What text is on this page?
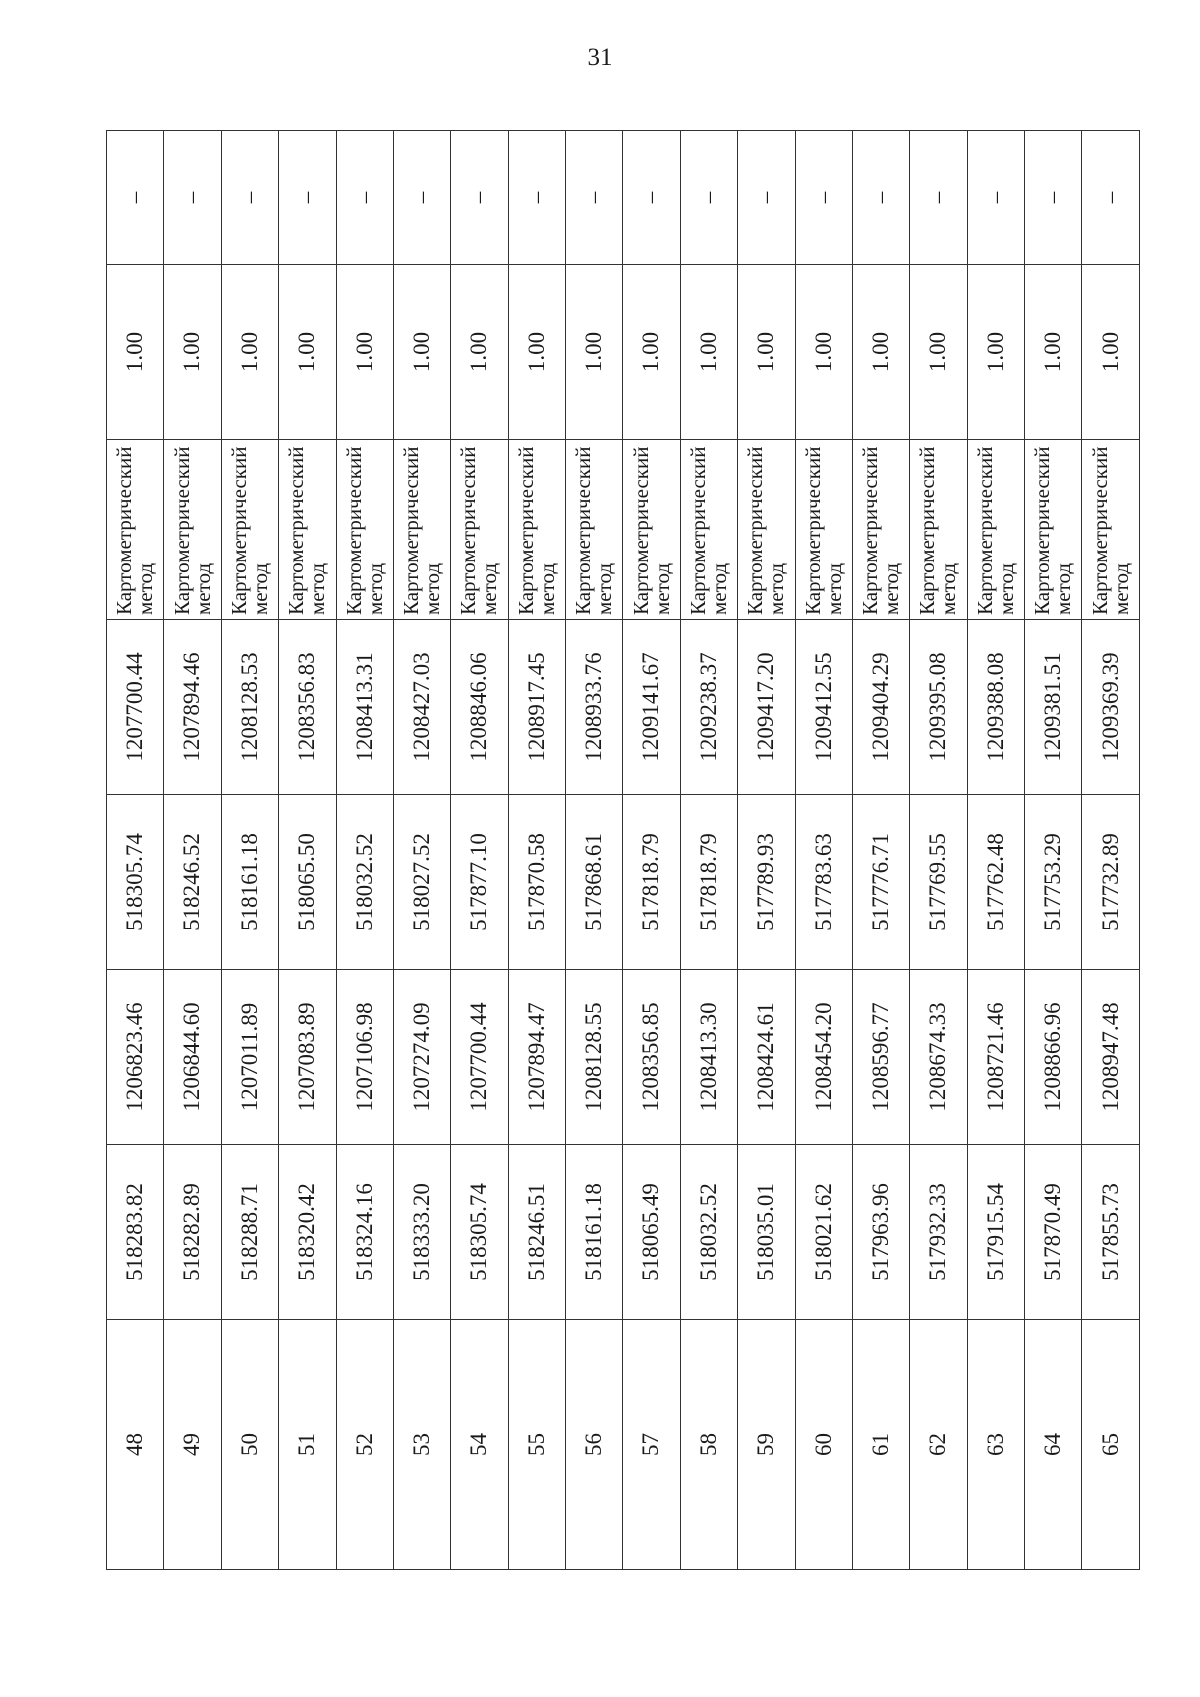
31
48	518283.82	1206823.46	518305.74	1207700.44	Картометрический метод	1.00	–
49	518282.89	1206844.60	518246.52	1207894.46	Картометрический метод	1.00	–
50	518288.71	1207011.89	518161.18	1208128.53	Картометрический метод	1.00	–
51	518320.42	1207083.89	518065.50	1208356.83	Картометрический метод	1.00	–
52	518324.16	1207106.98	518032.52	1208413.31	Картометрический метод	1.00	–
53	518333.20	1207274.09	518027.52	1208427.03	Картометрический метод	1.00	–
54	518305.74	1207700.44	517877.10	1208846.06	Картометрический метод	1.00	–
55	518246.51	1207894.47	517870.58	1208917.45	Картометрический метод	1.00	–
56	518161.18	1208128.55	517868.61	1208933.76	Картометрический метод	1.00	–
57	518065.49	1208356.85	517818.79	1209141.67	Картометрический метод	1.00	–
58	518032.52	1208413.30	517818.79	1209238.37	Картометрический метод	1.00	–
59	518035.01	1208424.61	517789.93	1209417.20	Картометрический метод	1.00	–
60	518021.62	1208454.20	517783.63	1209412.55	Картометрический метод	1.00	–
61	517963.96	1208596.77	517776.71	1209404.29	Картометрический метод	1.00	–
62	517932.33	1208674.33	517769.55	1209395.08	Картометрический метод	1.00	–
63	517915.54	1208721.46	517762.48	1209388.08	Картометрический метод	1.00	–
64	517870.49	1208866.96	517753.29	1209381.51	Картометрический метод	1.00	–
65	517855.73	1208947.48	517732.89	1209369.39	Картометрический метод	1.00	–
